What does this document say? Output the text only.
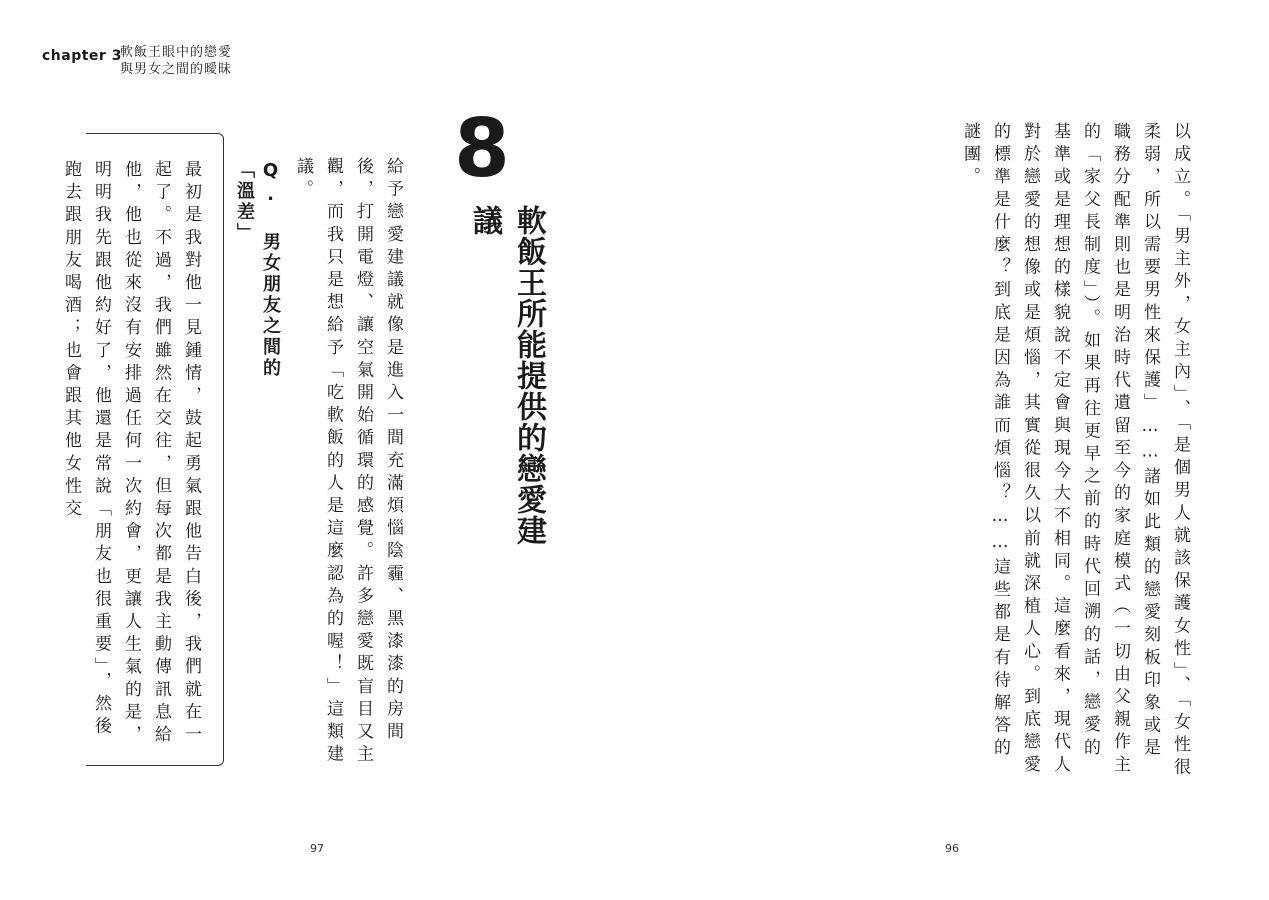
chapter 3
軟飯王眼中的戀愛
與男女之間的曖昧
Q. 男女朋友之間的「溫差」
最初是我對他一見鍾情，鼓起勇氣跟他告白後，我們就在一起了。不過，我們雖然在交往，但每次都是我主動傳訊息給他，他也從來沒有安排過任何一次約會，更讓人生氣的是，明明我先跟他約好了，他還是常說「朋友也很重要」，然後跑去跟朋友喝酒；也會跟其他女性交	給予戀愛建議就像是進入一間充滿煩惱陰霾、黑漆漆的房間後，打開電燈、讓空氣開始循環的感覺。許多戀愛既盲目又主觀，而我只是想給予「吃軟飯的人是這麼認為的喔！」這類建議。	8
軟飯王所能提供的戀愛建議
97
以成立。「男主外，女主內」、「是個男人就該保護女性」、「女性很柔弱，所以需要男性來保護」……諸如此類的戀愛刻板印象或是職務分配準則也是明治時代遺留至今的家庭模式（一切由父親作主的「家父長制度」）。如果再往更早之前的時代回溯的話，戀愛的基準或是理想的樣貌說不定會與現今大不相同。這麼看來，現代人對於戀愛的想像或是煩惱，其實從很久以前就深植人心。到底戀愛的標準是什麼？到底是因為誰而煩惱？……這些都是有待解答的謎團。
96
